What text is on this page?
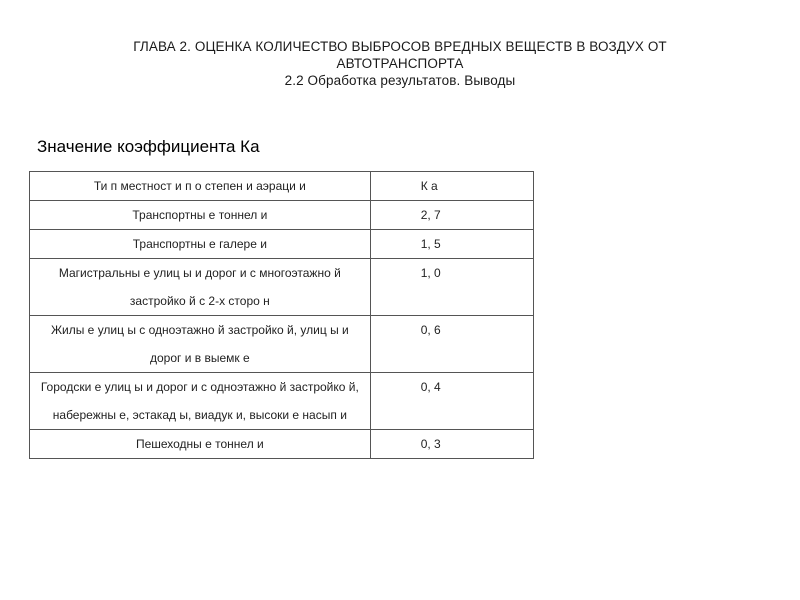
ГЛАВА 2. ОЦЕНКА КОЛИЧЕСТВО ВЫБРОСОВ ВРЕДНЫХ ВЕЩЕСТВ В ВОЗДУХ ОТ
АВТОТРАНСПОРТА
2.2 Обработка результатов. Выводы
Значение коэффициента Ка
Ти п местност и п о степен и аэраци и	К а
Транспортны е тоннел и	2, 7
Транспортны е галере и	1, 5
Магистральны е улиц ы и дорог и с многоэтажно й застройко й с 2-х сторо н	1, 0
Жилы е улиц ы с одноэтажно й застройко й, улиц ы и дорог и в выемк е	0, 6
Городски е улиц ы и дорог и с одноэтажно й застройко й, набережны е, эстакад ы, виадук и, высоки е насып и	0, 4
Пешеходны е тоннел и	0, 3
